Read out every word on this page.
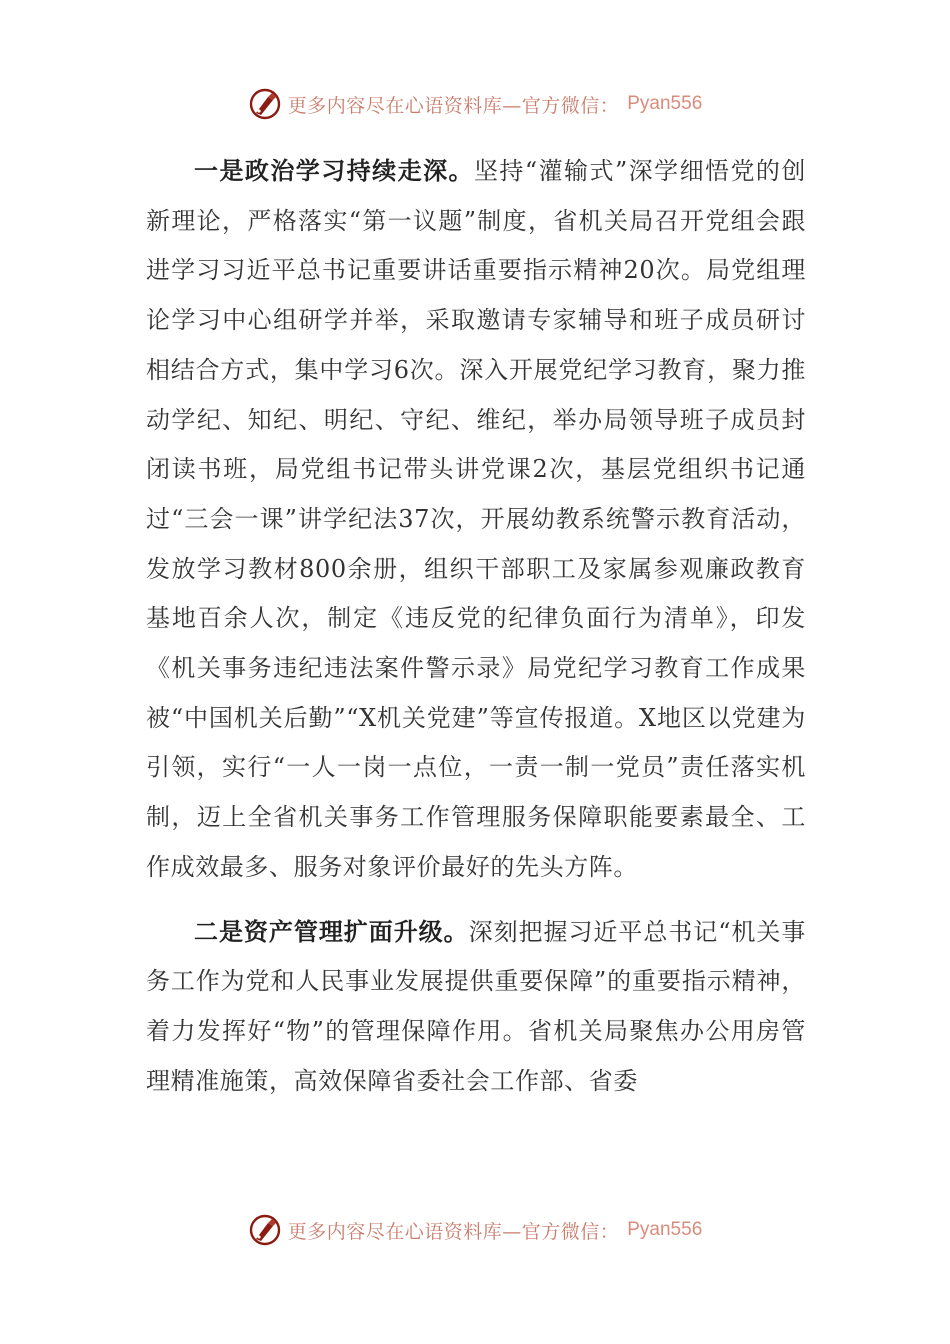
更多内容尽在心语资料库—官方微信： Pyan556

一是政治学习持续走深。坚持“灌输式”深学细悟党的创新理论，严格落实“第一议题”制度，省机关局召开党组会跟进学习习近平总书记重要讲话重要指示精神20次。局党组理论学习中心组研学并举，采取邀请专家辅导和班子成员研讨相结合方式，集中学习6次。深入开展党纪学习教育，聚力推动学纪、知纪、明纪、守纪、维纪，举办局领导班子成员封闭读书班，局党组书记带头讲党课2次，基层党组织书记通过“三会一课”讲学纪法37次，开展幼教系统警示教育活动，发放学习教材800余册，组织干部职工及家属参观廉政教育基地百余人次，制定《违反党的纪律负面行为清单》，印发《机关事务违纪违法案件警示录》局党纪学习教育工作成果被“中国机关后勤”“X机关党建”等宣传报道。X地区以党建为引领，实行“一人一岗一点位，一责一制一党员”责任落实机制，迈上全省机关事务工作管理服务保障职能要素最全、工作成效最多、服务对象评价最好的先头方阵。

二是资产管理扩面升级。深刻把握习近平总书记“机关事务工作为党和人民事业发展提供重要保障”的重要指示精神，着力发挥好“物”的管理保障作用。省机关局聚焦办公用房管理精准施策，高效保障省委社会工作部、省委

更多内容尽在心语资料库—官方微信： Pyan556
